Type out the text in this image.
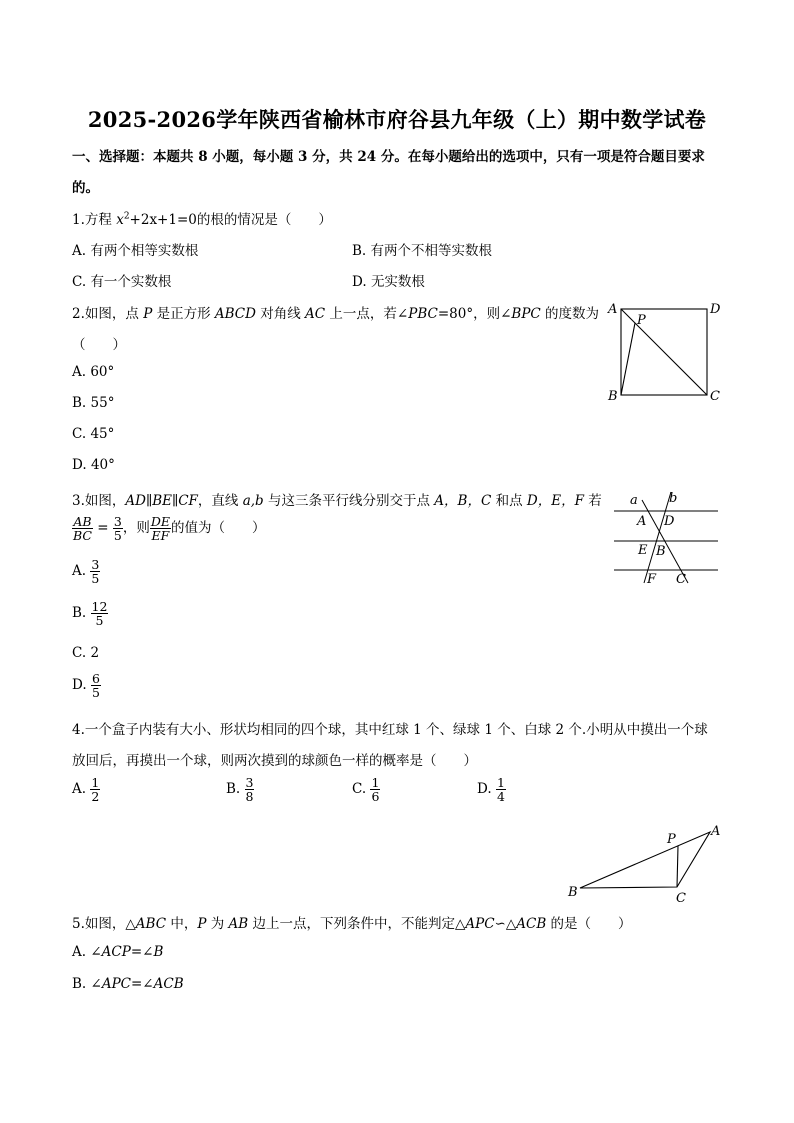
2025-2026学年陕西省榆林市府谷县九年级（上）期中数学试卷
一、选择题：本题共 8 小题，每小题 3 分，共 24 分。在每小题给出的选项中，只有一项是符合题目要求
的。
1.方程 $x^2+2x+1=0$的根的情况是（　　）
A. 有两个相等实数根	B. 有两个不相等实数根
C. 有一个实数根	D. 无实数根
2.如图，点 P 是正方形 ABCD 对角线 AC 上一点，若∠PBC=80°，则∠BPC 的度数为
（　　）
A. 60°
B. 55°
C. 45°
D. 40°
A
P
D
B	C
3.如图，AD∥BE∥CF，直线 a,b 与这三条平行线分别交于点 A，B，C 和点 D，E，F 若
$\frac{AB}{BC} = \frac{3}{5}$ ，则 $\frac{DE}{EF}$ 的值为（　　）
A. $\frac{3}{5}$
B. $\frac{12}{5}$
C. 2
D. $\frac{6}{5}$
a b
A D
E B
F C
4.一个盒子内装有大小、形状均相同的四个球，其中红球 1 个、绿球 1 个、白球 2 个.小明从中摸出一个球
放回后，再摸出一个球，则两次摸到的球颜色一样的概率是（　　）
A. $\frac{1}{2}$	B. $\frac{3}{8}$	C. $\frac{1}{6}$	D. $\frac{1}{4}$
P
A
B	C
5.如图，△ABC 中，P 为 AB 边上一点，下列条件中，不能判定△APC∽△ACB 的是（　　）
A. ∠ACP=∠B
B. ∠APC=∠ACB
